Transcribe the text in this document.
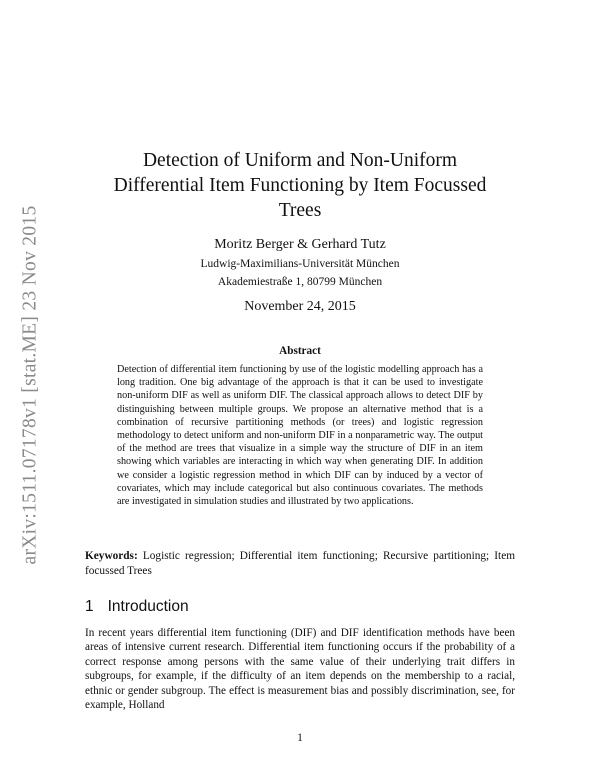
arXiv:1511.07178v1 [stat.ME] 23 Nov 2015
Detection of Uniform and Non-Uniform Differential Item Functioning by Item Focussed Trees
Moritz Berger & Gerhard Tutz
Ludwig-Maximilians-Universität München
Akademiestraße 1, 80799 München
November 24, 2015
Abstract
Detection of differential item functioning by use of the logistic modelling approach has a long tradition. One big advantage of the approach is that it can be used to investigate non-uniform DIF as well as uniform DIF. The classical approach allows to detect DIF by distinguishing between multiple groups. We propose an alternative method that is a combination of recursive partitioning methods (or trees) and logistic regression methodology to detect uniform and non-uniform DIF in a nonparametric way. The output of the method are trees that visualize in a simple way the structure of DIF in an item showing which variables are interacting in which way when generating DIF. In addition we consider a logistic regression method in which DIF can by induced by a vector of covariates, which may include categorical but also continuous covariates. The methods are investigated in simulation studies and illustrated by two applications.
Keywords: Logistic regression; Differential item functioning; Recursive partitioning; Item focussed Trees
1 Introduction
In recent years differential item functioning (DIF) and DIF identification methods have been areas of intensive current research. Differential item functioning occurs if the probability of a correct response among persons with the same value of their underlying trait differs in subgroups, for example, if the difficulty of an item depends on the membership to a racial, ethnic or gender subgroup. The effect is measurement bias and possibly discrimination, see, for example, Holland
1
